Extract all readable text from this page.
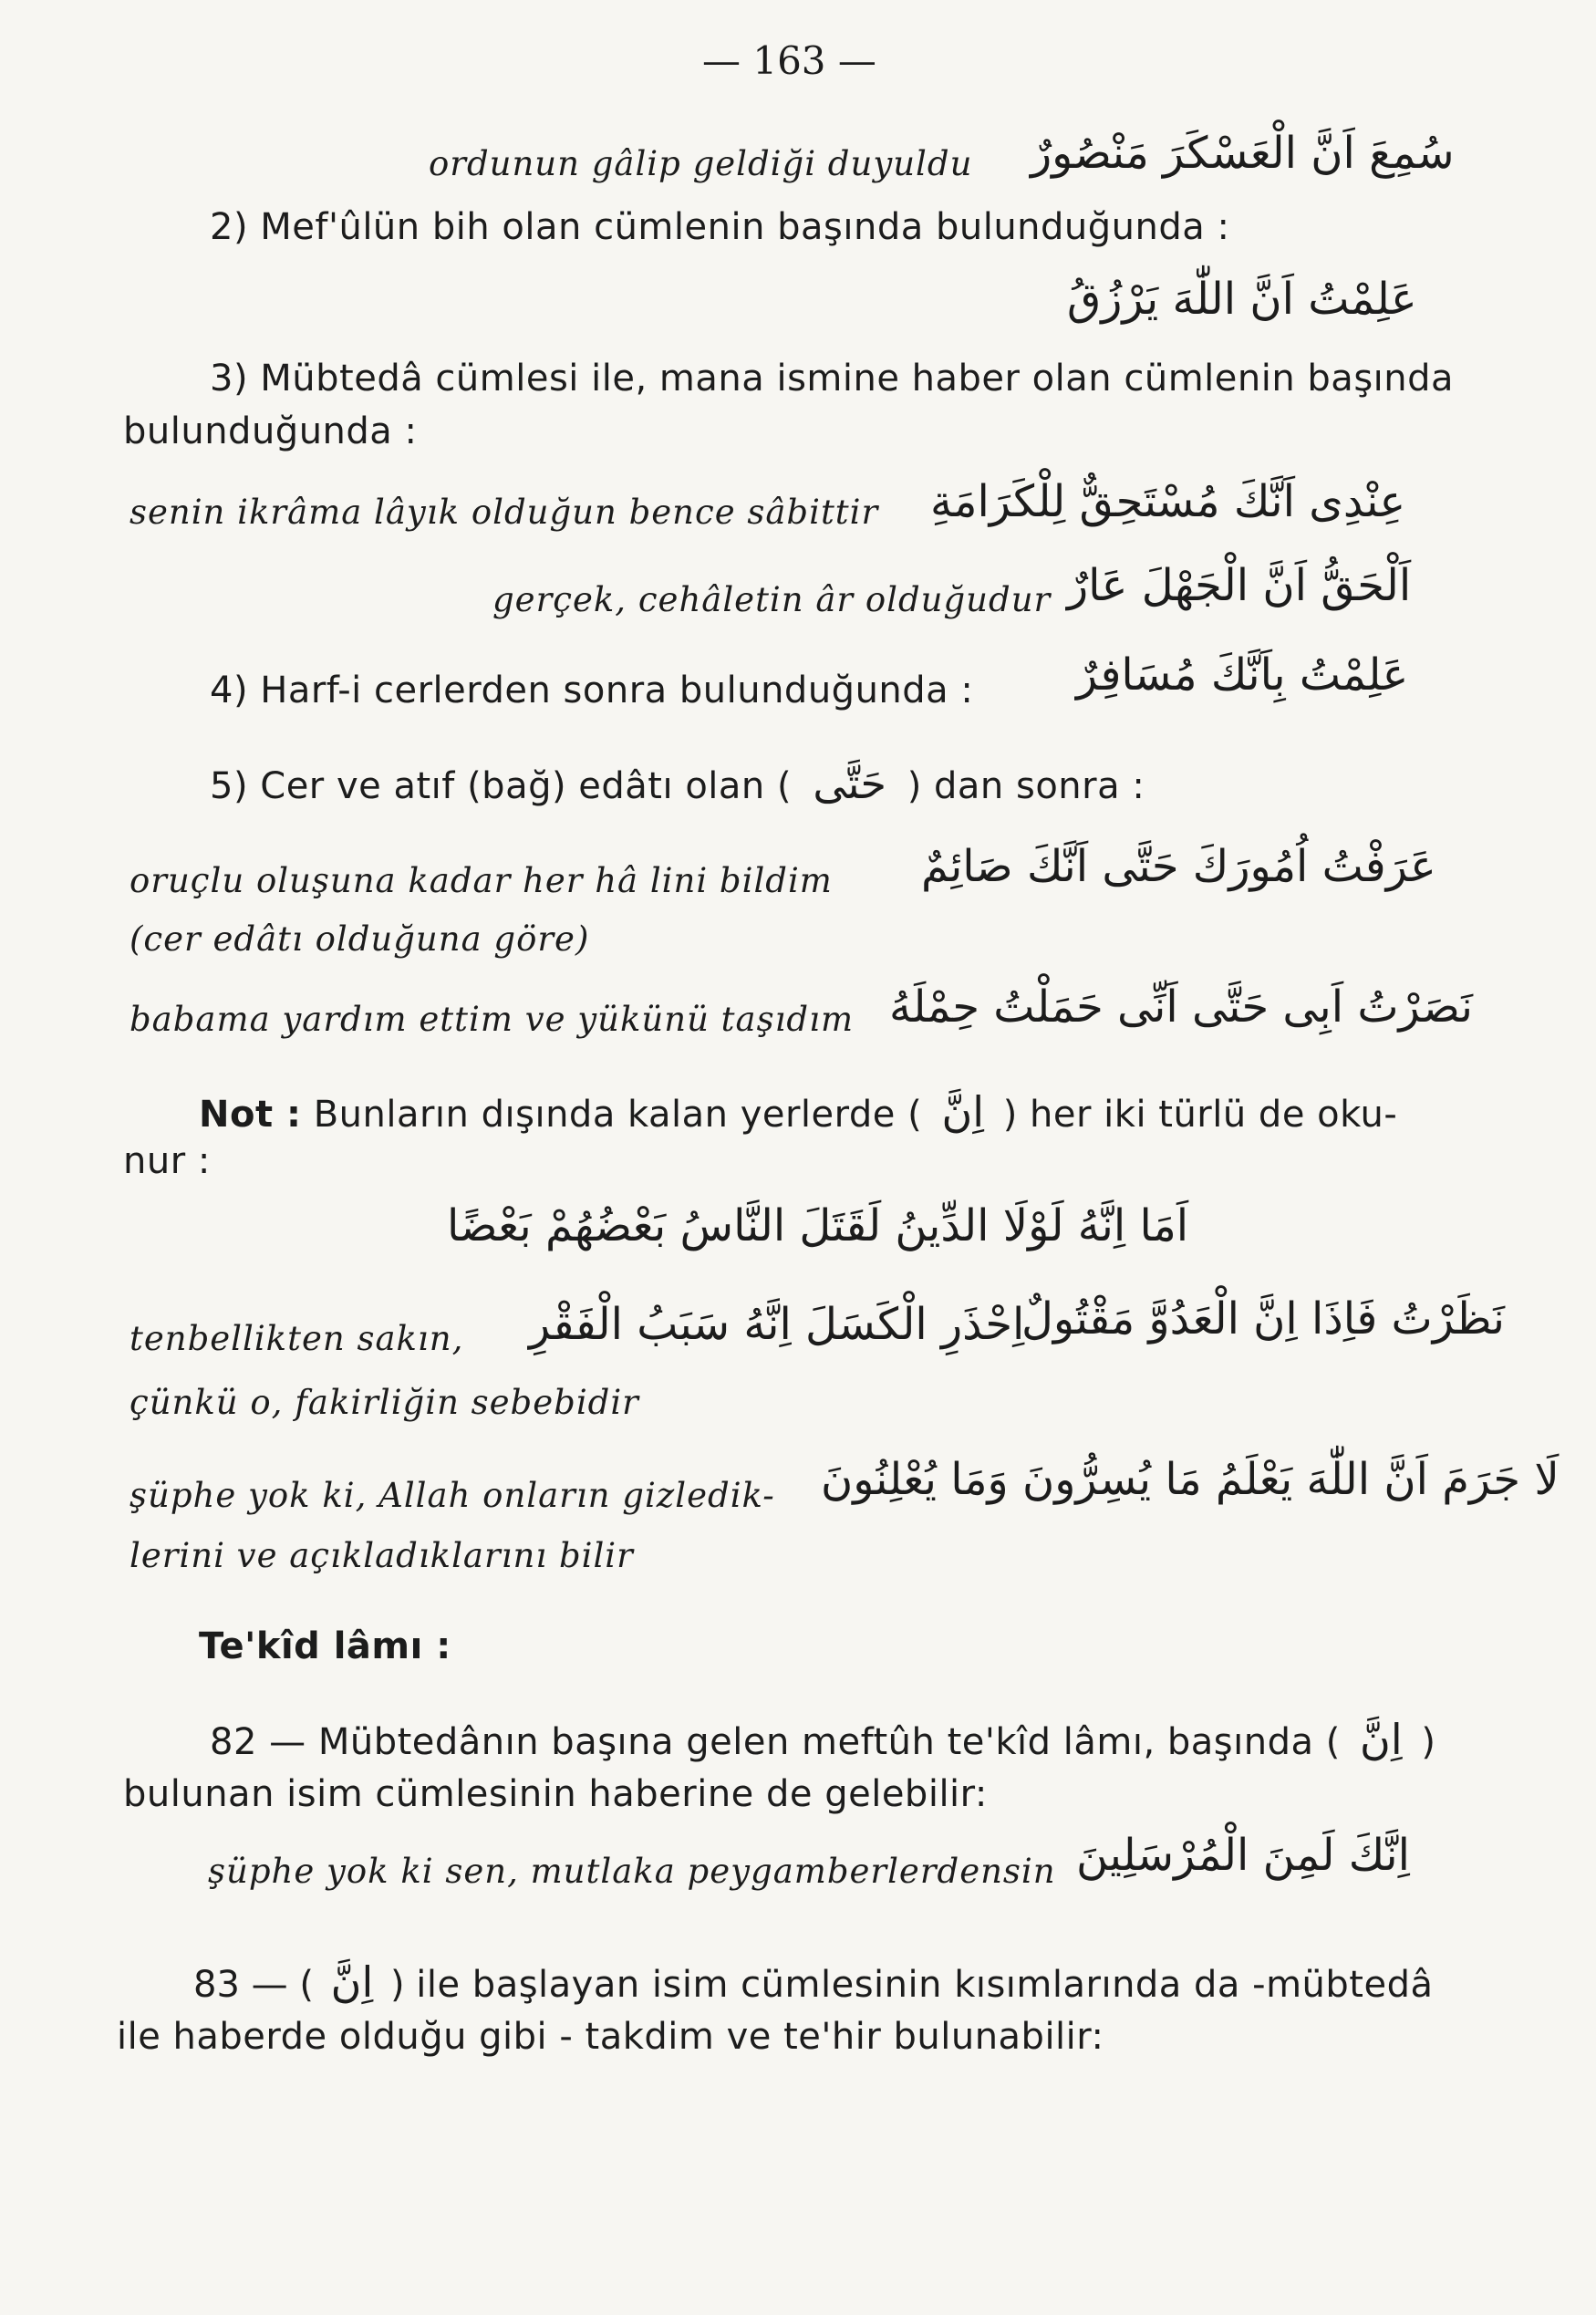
— 163 —
ordunun gâlip geldiği duyuldu سُمِعَ اَنَّ الْعَسْكَرَ مَنْصُورٌ
2) Mef'ûlün bih olan cümlenin başında bulunduğunda :
عَلِمْتُ اَنَّ اللّٰهَ يَرْزُقُ
3) Mübtedâ cümlesi ile, mana ismine haber olan cümlenin başında
bulunduğunda :
senin ikrâma lâyık olduğun bence sâbittir عِنْدِى اَنَّكَ مُسْتَحِقٌّ لِلْكَرَامَةِ
gerçek, cehâletin âr olduğudur اَلْحَقُّ اَنَّ الْجَهْلَ عَارٌ
4) Harf-i cerlerden sonra bulunduğunda : عَلِمْتُ بِاَنَّكَ مُسَافِرٌ
5) Cer ve atıf (bağ) edâtı olan ( حَتَّى ) dan sonra :
oruçlu oluşuna kadar her hâ lini bildim عَرَفْتُ اُمُورَكَ حَتَّى اَنَّكَ صَائِمٌ
(cer edâtı olduğuna göre)
babama yardım ettim ve yükünü taşıdım نَصَرْتُ اَبِى حَتَّى اَنِّى حَمَلْتُ حِمْلَهُ
Not : Bunların dışında kalan yerlerde ( اِنَّ ) her iki türlü de oku-
nur :
اَمَا اِنَّهُ لَوْلَا الدِّينُ لَقَتَلَ النَّاسُ بَعْضُهُمْ بَعْضًا
tenbellikten sakın, اِحْذَرِ الْكَسَلَ اِنَّهُ سَبَبُ الْفَقْرِ
نَظَرْتُ فَاِذَا اِنَّ الْعَدُوَّ مَقْتُولٌ
çünkü o, fakirliğin sebebidir
şüphe yok ki, Allah onların gizledik- لَا جَرَمَ اَنَّ اللّٰهَ يَعْلَمُ مَا يُسِرُّونَ وَمَا يُعْلِنُونَ
lerini ve açıkladıklarını bilir
Te'kîd lâmı :
82 — Mübtedânın başına gelen meftûh te'kîd lâmı, başında ( اِنَّ )
bulunan isim cümlesinin haberine de gelebilir:
şüphe yok ki sen, mutlaka peygamberlerdensin اِنَّكَ لَمِنَ الْمُرْسَلِينَ
83 — ( اِنَّ ) ile başlayan isim cümlesinin kısımlarında da -mübtedâ
ile haberde olduğu gibi - takdim ve te'hir bulunabilir:
